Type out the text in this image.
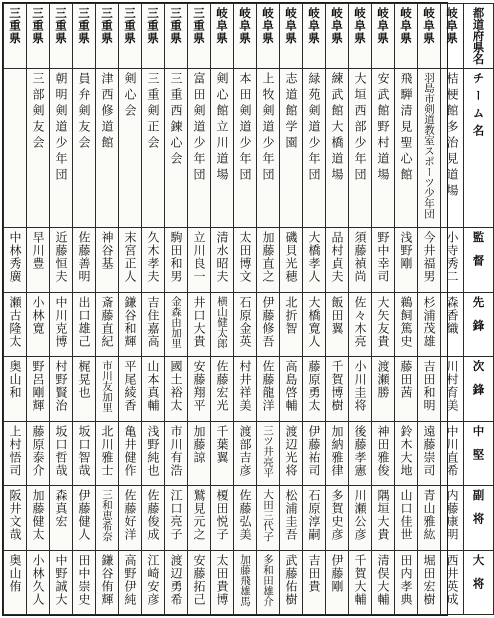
三重県	三重県	三重県	三重県	三重県	三重県	三重県	三重県	三重県	岐阜県	岐阜県	岐阜県	岐阜県	岐阜県	岐阜県	岐阜県	岐阜県	岐阜県	岐阜県	岐阜県	都道府県名

	三部剣友会	朝明剣道少年団	員弁剣友会	津西修道館	剣心会	三重剣正会	三重西錬心会	富田剣道少年団	剣心館立川道場	本田剣道少年団	上牧剣道少年団	志道館学園	緑苑剣道少年団	練武館大橋道場	大垣西部少年団	安武館野村道場	飛騨清見聖心館	羽島市剣道教室スポーツ少年団	桔梗館多治見道場	チーム名

中林秀廣	早川豊	近藤恒夫	佐藤善明	神谷基	末宮正人	久木孝夫	駒田和男	立川良一	清水昭夫	太田博文	加藤直之	磯貝光穂	大橋孝人	品村貞夫	須藤禎尚	野中幸司	浅野剛	今井福男	小寺秀二	監督

瀬古隆太	小林寛	中川克博	出口雄己	斎藤直紀	鎌谷和輝	吉住嘉高	金森由加里	井口大貴	横山健太郎	石原金英	伊藤修吾	北折智	大橋寛人	飯田翼	佐々木亮	大矢友貴	鵜飼篤史	杉浦茂雄	森香織	先鋒

奥山和	野呂剛輝	村野賢治	梶晃也	市川友加里	平尾綾香	山本真輔	國土裕太	安藤翔平	佐藤宏光	村井祥美	佐藤龍洋	高島啓輔	藤原勇太	千賀博樹	小川圭将	渡瀬勝	藤田茜	吉田和明	川村育美	次鋒

上村悟司	藤原泰介	坂口哲哉	坂口智哉	北川雅士	亀井健作	浅野純也	市川有浩	加藤諒	千葉翼	渡部吉彦	三ツ井亮平	渡辺光将	伊藤祐司	加納雅律	後藤孝憲	神田雅俊	鈴木大地	遠藤崇司	中川直希	中堅

阪井文哉	加藤健太	森真宏	伊藤健人	三和恵希奈	佐藤好洋	佐藤俊成	江口亮子	鷲見元之	榎田悦子	佐藤弘美	大田三代子	松浦圭吾	石原淳嗣	多賀史彦	川瀬公彦	隅垣大貴	山口佳世	青山雅紘	内藤康明	副将

奥山侑	小林久人	中野誠大	田中崇史	鎌谷侑輝	高野伊純	江崎安彦	渡辺勇希	安藤拓己	太田貴博	加藤飛雄馬	多和田雄介	武藤佑樹	吉田貴	伊藤剛	千賀大輔	清俣大輔	田内孝典	堀田宏樹	西井英成	大将
